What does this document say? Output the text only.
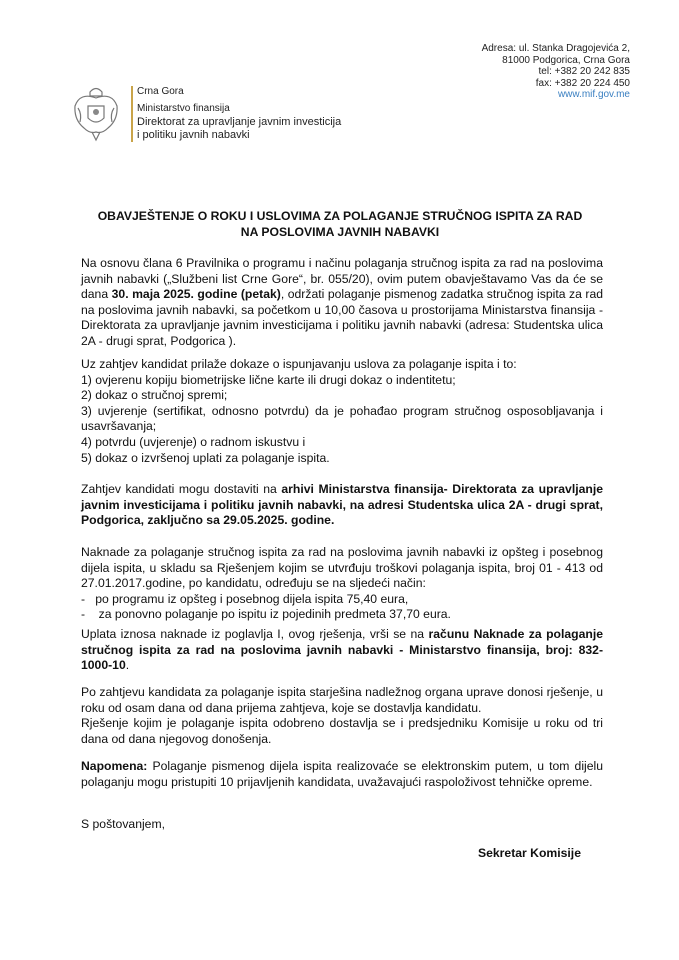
Adresa: ul. Stanka Dragojevića 2,
81000 Podgorica, Crna Gora
tel: +382 20 242 835
fax: +382 20 224 450
www.mif.gov.me
Crna Gora
Ministarstvo finansija
Direktorat za upravljanje javnim investicija
i politiku javnih nabavki
OBAVJEŠTENJE O ROKU I USLOVIMA ZA POLAGANJE STRUČNOG ISPITA ZA RAD
NA POSLOVIMA JAVNIH NABAVKI
Na osnovu člana 6 Pravilnika o programu i načinu polaganja stručnog ispita za rad na poslovima javnih nabavki („Službeni list Crne Gore“, br. 055/20), ovim putem obavještavamo Vas da će se dana 30. maja 2025. godine (petak), održati polaganje pismenog zadatka stručnog ispita za rad na poslovima javnih nabavki, sa početkom u 10,00 časova u prostorijama Ministarstva finansija - Direktorata za upravljanje javnim investicijama i politiku javnih nabavki (adresa: Studentska ulica 2A - drugi sprat, Podgorica ).
Uz zahtjev kandidat prilaže dokaze o ispunjavanju uslova za polaganje ispita i to:
1) ovjerenu kopiju biometrijske lične karte ili drugi dokaz o indentitetu;
2) dokaz o stručnoj spremi;
3) uvjerenje (sertifikat, odnosno potvrdu) da je pohađao program stručnog osposobljavanja i usavršavanja;
4) potvrdu (uvjerenje) o radnom iskustvu i
5) dokaz o izvršenoj uplati za polaganje ispita.
Zahtjev kandidati mogu dostaviti na arhivi Ministarstva finansija- Direktorata za upravljanje javnim investicijama i politiku javnih nabavki, na adresi Studentska ulica 2A - drugi sprat, Podgorica, zaključno sa 29.05.2025. godine.
Naknade za polaganje stručnog ispita za rad na poslovima javnih nabavki iz opšteg i posebnog dijela ispita, u skladu sa Rješenjem kojim se utvrđuju troškovi polaganja ispita, broj 01 - 413 od 27.01.2017.godine, po kandidatu, određuju se na sljedeći način:
-   po programu iz opšteg i posebnog dijela ispita 75,40 eura,
-    za ponovno polaganje po ispitu iz pojedinih predmeta 37,70 eura.
Uplata iznosa naknade iz poglavlja I, ovog rješenja, vrši se na računu Naknade za polaganje stručnog ispita za rad na poslovima javnih nabavki - Ministarstvo finansija, broj: 832-1000-10.
Po zahtjevu kandidata za polaganje ispita starješina nadležnog organa uprave donosi rješenje, u roku od osam dana od dana prijema zahtjeva, koje se dostavlja kandidatu.
Rješenje kojim je polaganje ispita odobreno dostavlja se i predsjedniku Komisije u roku od tri dana od dana njegovog donošenja.
Napomena: Polaganje pismenog dijela ispita realizovaće se elektronskim putem, u tom dijelu polaganju mogu pristupiti 10 prijavljenih kandidata, uvažavajući raspoloživost tehničke opreme.
S poštovanjem,
Sekretar Komisije
